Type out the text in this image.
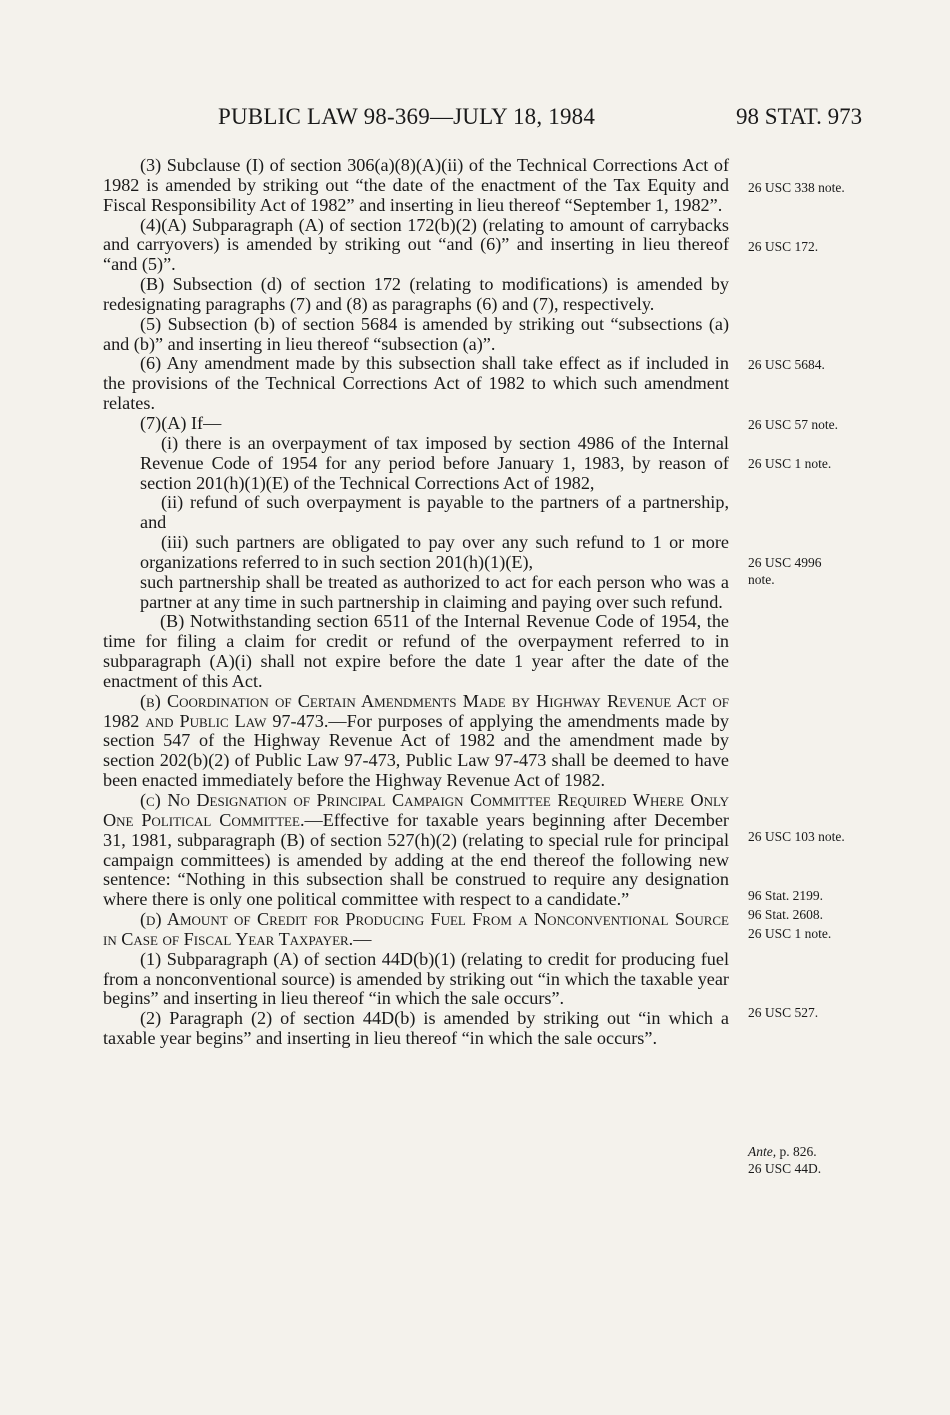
PUBLIC LAW 98-369—JULY 18, 1984	98 STAT. 973

(3) Subclause (I) of section 306(a)(8)(A)(ii) of the Technical Corrections Act of 1982 is amended by striking out “the date of the enactment of the Tax Equity and Fiscal Responsibility Act of 1982” and inserting in lieu thereof “September 1, 1982”.

(4)(A) Subparagraph (A) of section 172(b)(2) (relating to amount of carrybacks and carryovers) is amended by striking out “and (6)” and inserting in lieu thereof “and (5)”.

(B) Subsection (d) of section 172 (relating to modifications) is amended by redesignating paragraphs (7) and (8) as paragraphs (6) and (7), respectively.

(5) Subsection (b) of section 5684 is amended by striking out “subsections (a) and (b)” and inserting in lieu thereof “subsection (a)”.

(6) Any amendment made by this subsection shall take effect as if included in the provisions of the Technical Corrections Act of 1982 to which such amendment relates.

(7)(A) If—

(i) there is an overpayment of tax imposed by section 4986 of the Internal Revenue Code of 1954 for any period before January 1, 1983, by reason of section 201(h)(1)(E) of the Technical Corrections Act of 1982,

(ii) refund of such overpayment is payable to the partners of a partnership, and

(iii) such partners are obligated to pay over any such refund to 1 or more organizations referred to in such section 201(h)(1)(E),

such partnership shall be treated as authorized to act for each person who was a partner at any time in such partnership in claiming and paying over such refund.

(B) Notwithstanding section 6511 of the Internal Revenue Code of 1954, the time for filing a claim for credit or refund of the overpayment referred to in subparagraph (A)(i) shall not expire before the date 1 year after the date of the enactment of this Act.

(b) Coordination of Certain Amendments Made by Highway Revenue Act of 1982 and Public Law 97-473.—For purposes of applying the amendments made by section 547 of the Highway Revenue Act of 1982 and the amendment made by section 202(b)(2) of Public Law 97-473, Public Law 97-473 shall be deemed to have been enacted immediately before the Highway Revenue Act of 1982.

(c) No Designation of Principal Campaign Committee Required Where Only One Political Committee.—Effective for taxable years beginning after December 31, 1981, subparagraph (B) of section 527(h)(2) (relating to special rule for principal campaign committees) is amended by adding at the end thereof the following new sentence: “Nothing in this subsection shall be construed to require any designation where there is only one political committee with respect to a candidate.”

(d) Amount of Credit for Producing Fuel From a Nonconventional Source in Case of Fiscal Year Taxpayer.—

(1) Subparagraph (A) of section 44D(b)(1) (relating to credit for producing fuel from a nonconventional source) is amended by striking out “in which the taxable year begins” and inserting in lieu thereof “in which the sale occurs”.

(2) Paragraph (2) of section 44D(b) is amended by striking out “in which a taxable year begins” and inserting in lieu thereof “in which the sale occurs”.

26 USC 338 note.
26 USC 172.
26 USC 5684.
26 USC 57 note.
26 USC 1 note.
26 USC 4996
note.
26 USC 103 note.
96 Stat. 2199.
96 Stat. 2608.
26 USC 1 note.
26 USC 527.
Ante, p. 826.
26 USC 44D.
